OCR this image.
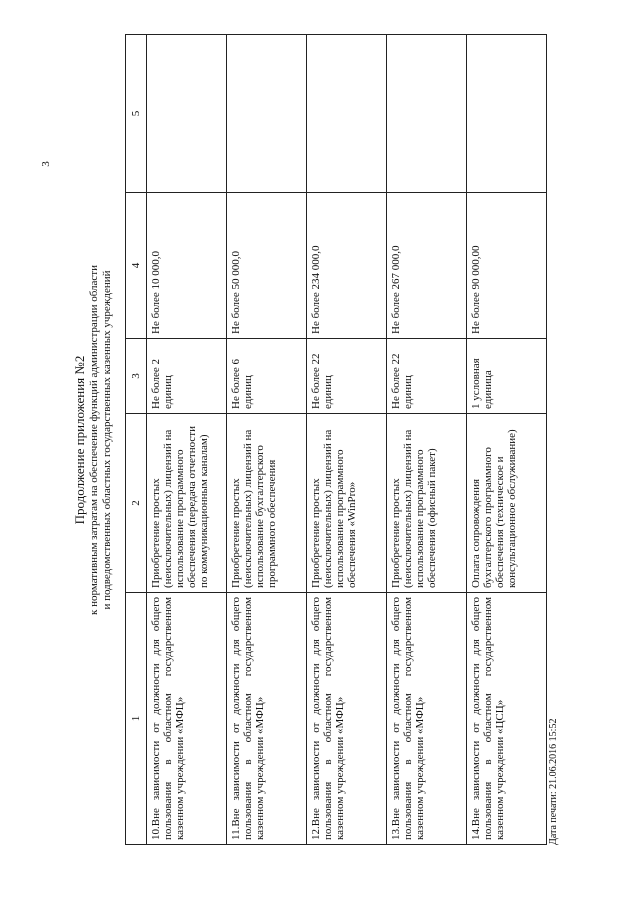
3
Продолжение приложения №2 к нормативным затратам на обеспечение функций администрации области и подведомственных областных государственных казенных учреждений
1	2	3	4	5
10.Вне зависимости от должности для общего пользования в областном государственном казенном учреждении «МФЦ»	Приобретение простых (неисключительных) лицензий на использование программного обеспечения (передача отчетности по коммуникационным каналам)	Не более 2 единиц	Не более 10 000,0	
11.Вне зависимости от должности для общего пользования в областном государственном казенном учреждении «МФЦ»	Приобретение простых (неисключительных) лицензий на использование бухгалтерского программного обеспечения	Не более 6 единиц	Не более 50 000,0	
12.Вне зависимости от должности для общего пользования в областном государственном казенном учреждении «МФЦ»	Приобретение простых (неисключительных) лицензий на использование программного обеспечения «WinPro»	Не более 22 единиц	Не более 234 000,0	
13.Вне зависимости от должности для общего пользования в областном государственном казенном учреждении «МФЦ»	Приобретение простых (неисключительных) лицензий на использование программного обеспечения (офисный пакет)	Не более 22 единиц	Не более 267 000,0	
14.Вне зависимости от должности для общего пользования в областном государственном казенном учреждении «ЦСЦ»	Оплата сопровождения бухгалтерского программного обеспечения (техническое и консультационное обслуживание)	1 условная единица	Не более 90 000,00	
Дата печати: 21.06.2016 15:52
